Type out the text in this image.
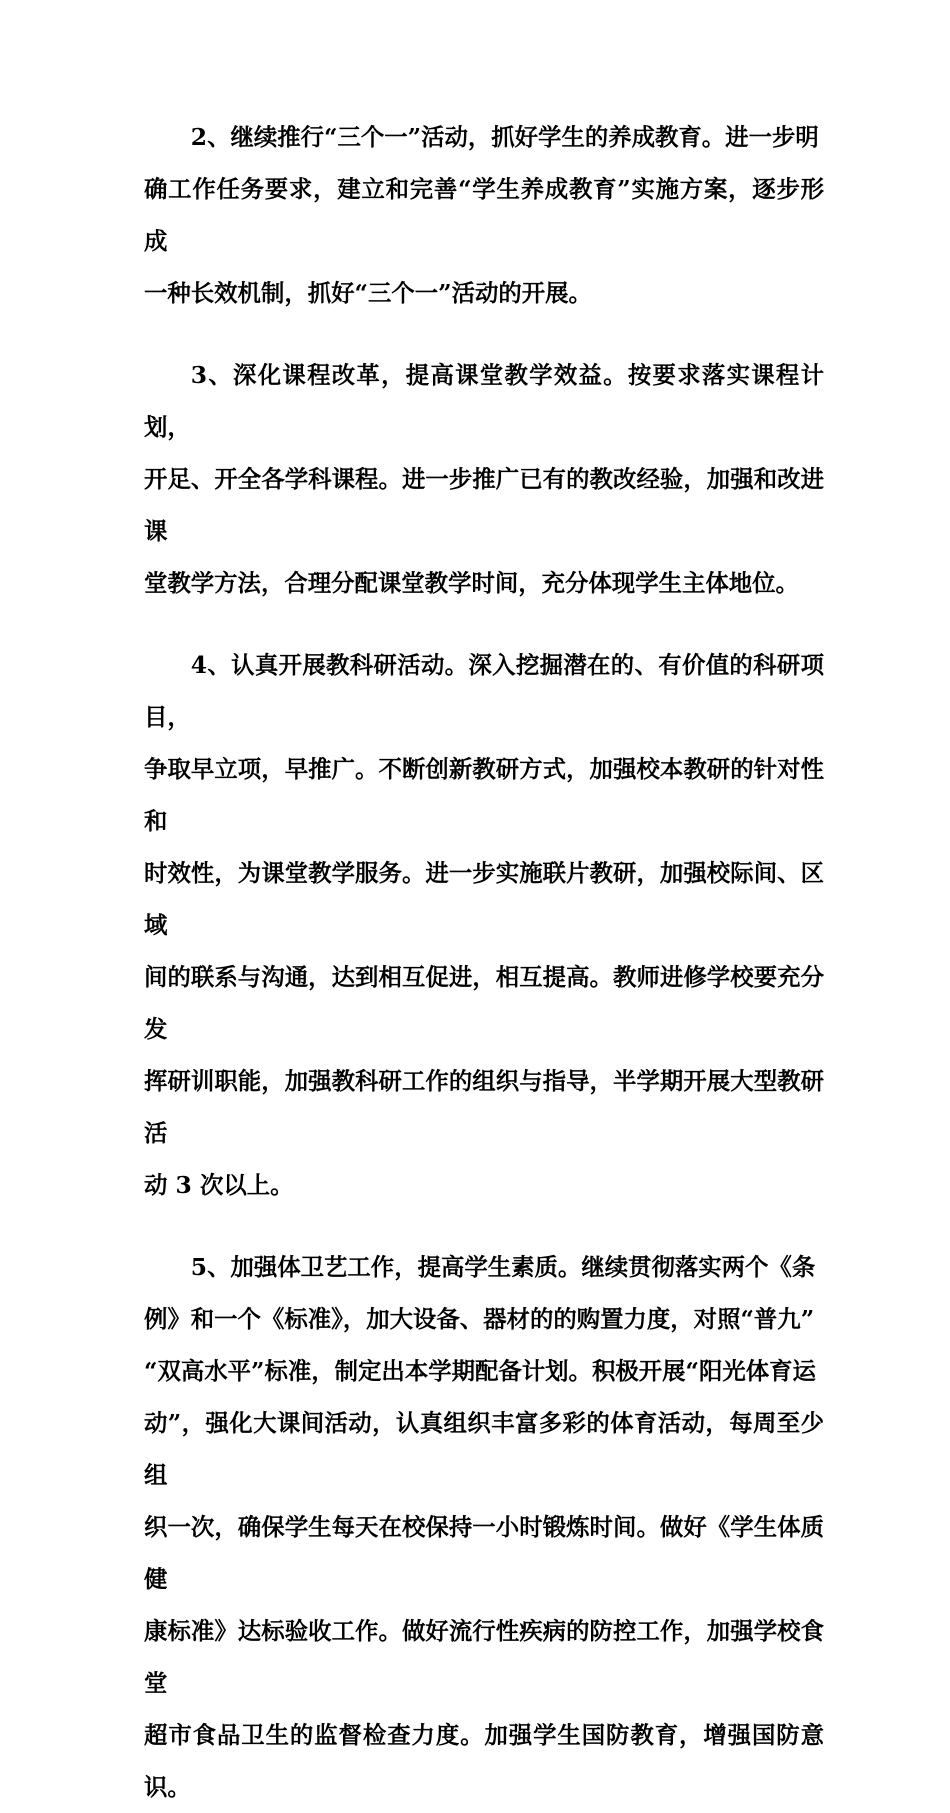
2、继续推行“三个一”活动，抓好学生的养成教育。进一步明
确工作任务要求，建立和完善“学生养成教育”实施方案，逐步形成
一种长效机制，抓好“三个一”活动的开展。

3、深化课程改革，提高课堂教学效益。按要求落实课程计划，
开足、开全各学科课程。进一步推广已有的教改经验，加强和改进课
堂教学方法，合理分配课堂教学时间，充分体现学生主体地位。

4、认真开展教科研活动。深入挖掘潜在的、有价值的科研项目，
争取早立项，早推广。不断创新教研方式，加强校本教研的针对性和
时效性，为课堂教学服务。进一步实施联片教研，加强校际间、区域
间的联系与沟通，达到相互促进，相互提高。教师进修学校要充分发
挥研训职能，加强教科研工作的组织与指导，半学期开展大型教研活
动 3 次以上。

5、加强体卫艺工作，提高学生素质。继续贯彻落实两个《条
例》和一个《标准》，加大设备、器材的的购置力度，对照“普九”
“双高水平”标准，制定出本学期配备计划。积极开展“阳光体育运
动”，强化大课间活动，认真组织丰富多彩的体育活动，每周至少组
织一次，确保学生每天在校保持一小时锻炼时间。做好《学生体质健
康标准》达标验收工作。做好流行性疾病的防控工作，加强学校食堂
超市食品卫生的监督检查力度。加强学生国防教育，增强国防意识。
